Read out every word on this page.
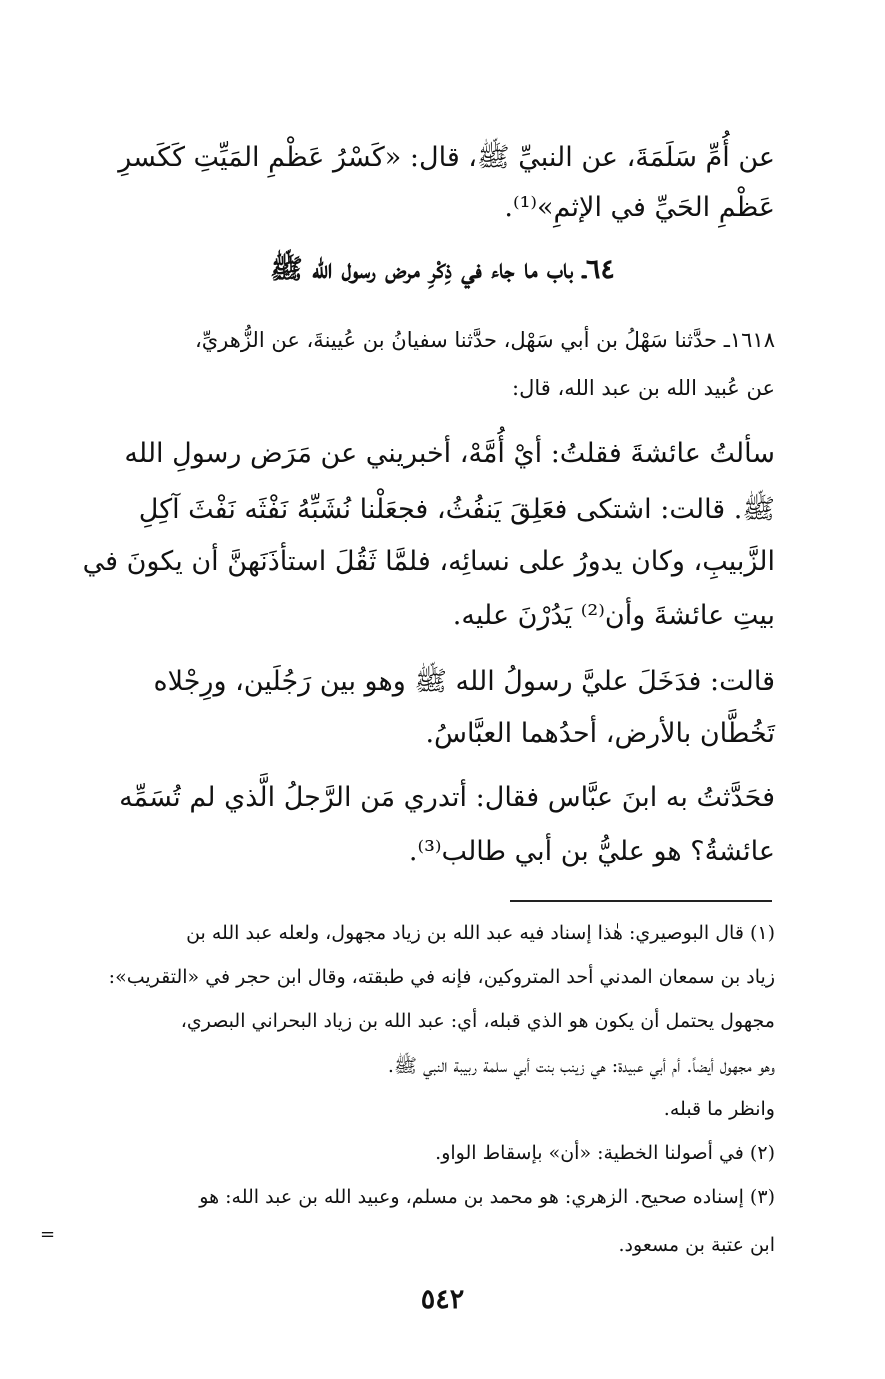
عن أُمِّ سَلَمَةَ، عن النبيِّ ﷺ، قال: «كَسْرُ عَظْمِ المَيِّتِ كَكَسرِ
عَظْمِ الحَيِّ في الإثمِ»⁽¹⁾.
٦٤ـ باب ما جاء في ذِكْرِ مرض رسول الله ﷺ
١٦١٨ـ حدَّثنا سَهْلُ بن أبي سَهْل، حدَّثنا سفيانُ بن عُيينةَ، عن الزُّهريِّ،
عن عُبيد الله بن عبد الله، قال:
سألتُ عائشةَ فقلتُ: أيْ أُمَّهْ، أخبريني عن مَرَض رسولِ الله
ﷺ. قالت: اشتكى فعَلِقَ يَنفُثُ، فجعَلْنا نُشَبِّهُ نَفْثَه نَفْثَ آكِلِ
الزَّبيبِ، وكان يدورُ على نسائِه، فلمَّا ثَقُلَ استأذَنَهنَّ أن يكونَ في
بيتِ عائشةَ وأن⁽²⁾ يَدُرْنَ عليه.
قالت: فدَخَلَ عليَّ رسولُ الله ﷺ وهو بين رَجُلَين، ورِجْلاه
تَخُطَّان بالأرض، أحدُهما العبَّاسُ.
فحَدَّثتُ به ابنَ عبَّاس فقال: أتدري مَن الرَّجلُ الَّذي لم تُسَمِّه
عائشةُ؟ هو عليُّ بن أبي طالب⁽³⁾.
(١) قال البوصيري: هٰذا إسناد فيه عبد الله بن زياد مجهول، ولعله عبد الله بن
زياد بن سمعان المدني أحد المتروكين، فإنه في طبقته، وقال ابن حجر في «التقريب»:
مجهول يحتمل أن يكون هو الذي قبله، أي: عبد الله بن زياد البحراني البصري،
وهو مجهول أيضاً. أم أبي عبيدة: هي زينب بنت أبي سلمة ربيبة النبي ﷺ.
وانظر ما قبله.
(٢) في أصولنا الخطية: «أن» بإسقاط الواو.
(٣) إسناده صحيح. الزهري: هو محمد بن مسلم، وعبيد الله بن عبد الله: هو
ابن عتبة بن مسعود.
=
٥٤٢
